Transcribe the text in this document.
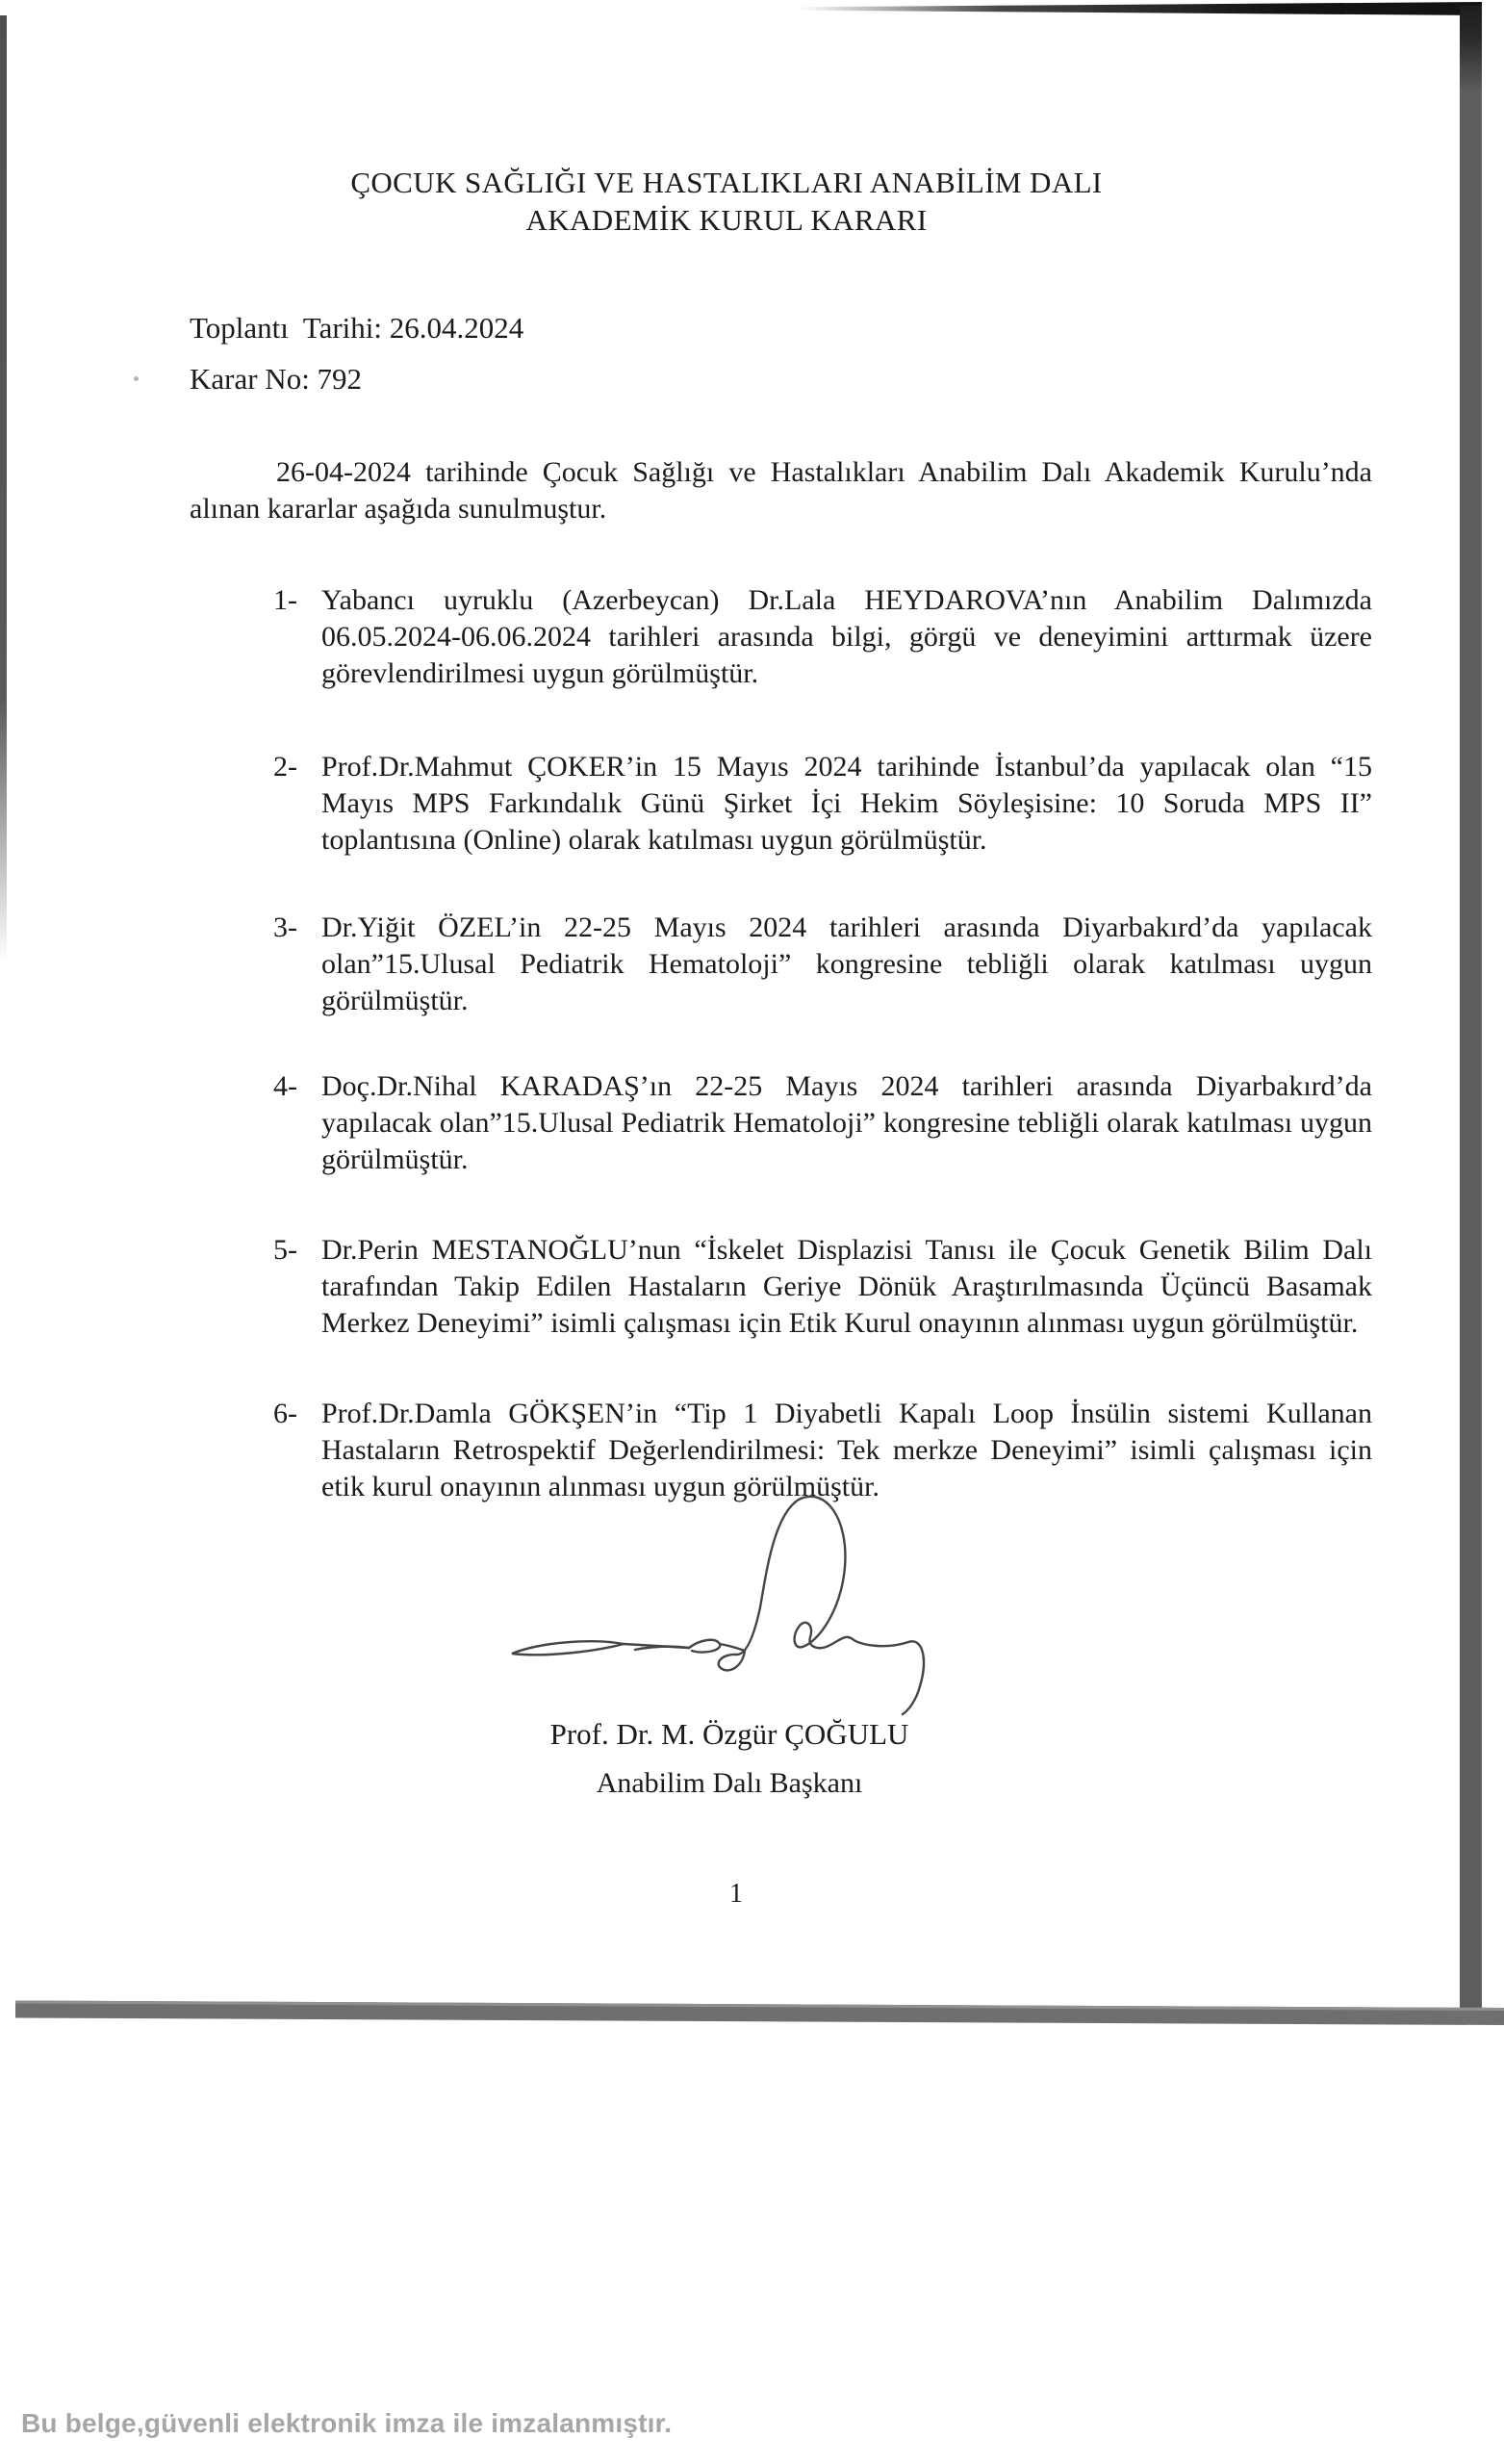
ÇOCUK SAĞLIĞI VE HASTALIKLARI ANABİLİM DALI
AKADEMİK KURUL KARARI
Toplantı  Tarihi: 26.04.2024
Karar No: 792
26-04-2024 tarihinde Çocuk Sağlığı ve Hastalıkları Anabilim Dalı Akademik Kurulu’nda alınan kararlar aşağıda sunulmuştur.
1- Yabancı uyruklu (Azerbeycan) Dr.Lala HEYDAROVA’nın Anabilim Dalımızda 06.05.2024-06.06.2024 tarihleri arasında bilgi, görgü ve deneyimini arttırmak üzere görevlendirilmesi uygun görülmüştür.
2- Prof.Dr.Mahmut ÇOKER’in 15 Mayıs 2024 tarihinde İstanbul’da yapılacak olan “15 Mayıs MPS Farkındalık Günü Şirket İçi Hekim Söyleşisine: 10 Soruda MPS II” toplantısına (Online) olarak katılması uygun görülmüştür.
3- Dr.Yiğit ÖZEL’in 22-25 Mayıs 2024 tarihleri arasında Diyarbakırd’da yapılacak olan”15.Ulusal Pediatrik Hematoloji” kongresine tebliğli olarak katılması uygun görülmüştür.
4- Doç.Dr.Nihal KARADAŞ’ın 22-25 Mayıs 2024 tarihleri arasında Diyarbakırd’da yapılacak olan”15.Ulusal Pediatrik Hematoloji” kongresine tebliğli olarak katılması uygun görülmüştür.
5- Dr.Perin MESTANOĞLU’nun “İskelet Displazisi Tanısı ile Çocuk Genetik Bilim Dalı tarafından Takip Edilen Hastaların Geriye Dönük Araştırılmasında Üçüncü Basamak Merkez Deneyimi” isimli çalışması için Etik Kurul onayının alınması uygun görülmüştür.
6- Prof.Dr.Damla GÖKŞEN’in “Tip 1 Diyabetli Kapalı Loop İnsülin sistemi Kullanan Hastaların Retrospektif Değerlendirilmesi: Tek merkze Deneyimi” isimli çalışması için etik kurul onayının alınması uygun görülmüştür.
Prof. Dr. M. Özgür ÇOĞULU
Anabilim Dalı Başkanı
1
Bu belge,güvenli elektronik imza ile imzalanmıştır.
